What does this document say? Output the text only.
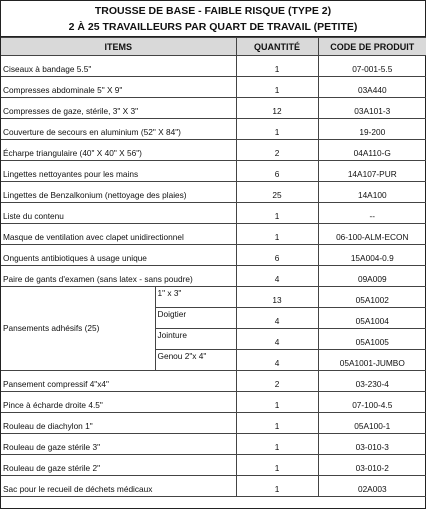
TROUSSE DE BASE - FAIBLE RISQUE (TYPE 2)
2 À 25 TRAVAILLEURS PAR QUART DE TRAVAIL (PETITE)
ITEMS		QUANTITÉ	CODE DE PRODUIT
Ciseaux à bandage 5.5"		1	07-001-5.5
Compresses abdominale 5" X 9"		1	03A440
Compresses de gaze, stérile, 3" X 3"		12	03A101-3
Couverture de secours en aluminium (52" X 84")		1	19-200
Écharpe triangulaire (40" X 40" X 56")		2	04A110-G
Lingettes nettoyantes pour les mains		6	14A107-PUR
Lingettes de Benzalkonium (nettoyage des plaies)		25	14A100
Liste du contenu		1	--
Masque de ventilation avec clapet unidirectionnel		1	06-100-ALM-ECON
Onguents antibiotiques à usage unique		6	15A004-0.9
Paire de gants d'examen (sans latex - sans poudre)		4	09A009
Pansements adhésifs (25)	1" x 3"	13	05A1002
	Doigtier	4	05A1004
	Jointure	4	05A1005
	Genou 2"x 4"	4	05A1001-JUMBO
Pansement compressif 4"x4"		2	03-230-4
Pince à écharde droite 4.5"		1	07-100-4.5
Rouleau de diachylon 1"		1	05A100-1
Rouleau de gaze stérile 3"		1	03-010-3
Rouleau de gaze stérile 2"		1	03-010-2
Sac pour le recueil de déchets médicaux		1	02A003
